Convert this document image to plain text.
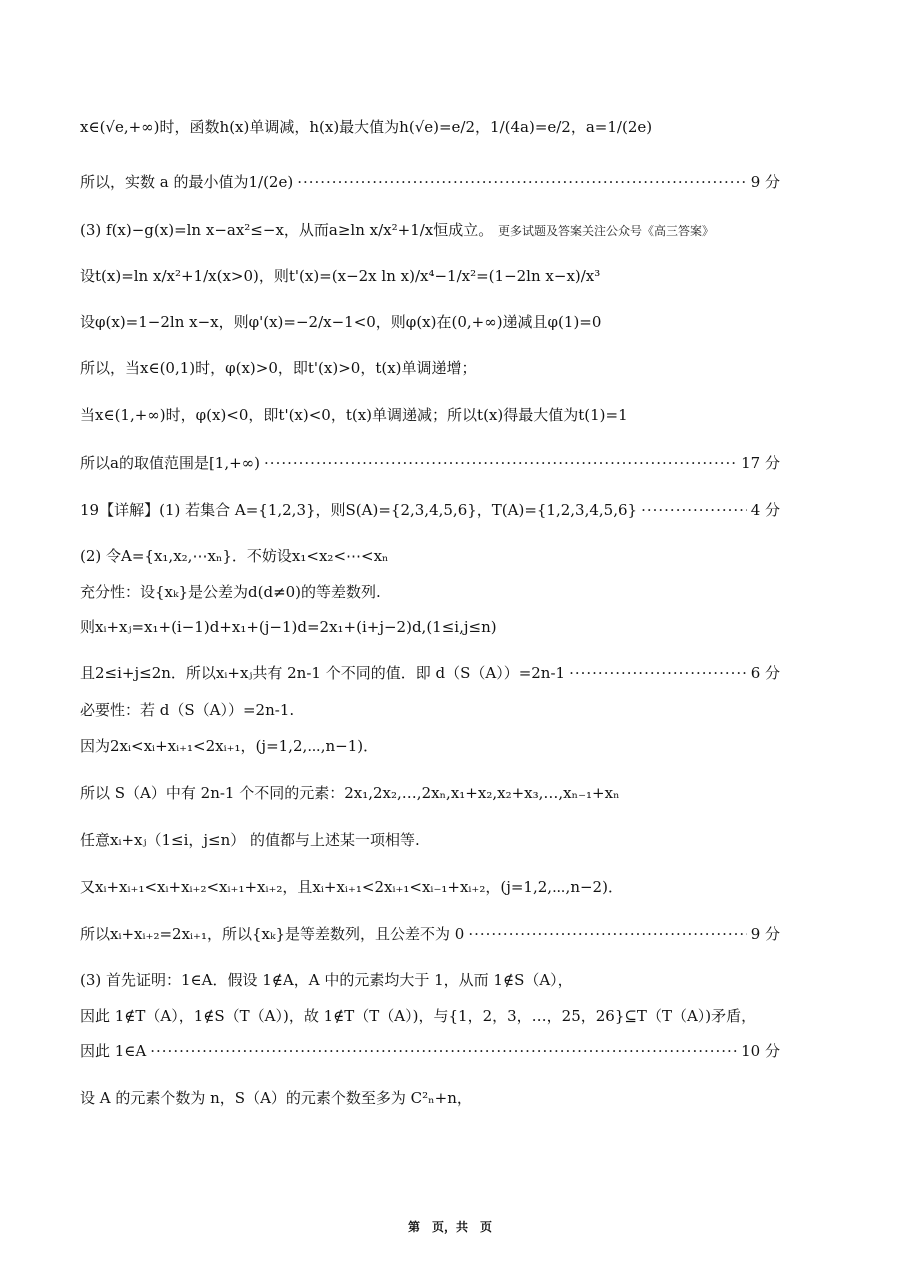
x∈(√e,+∞)时，函数h(x)单调减，h(x)最大值为h(√e)=e/2，1/(4a)=e/2，a=1/(2e)
所以，实数 a 的最小值为1/(2e) ·····	9 分
(3) f(x)−g(x)=ln x−ax²≤−x，从而a≥ln x/x²+1/x恒成立。 更多试题及答案关注公众号《高三答案》
设t(x)=ln x/x²+1/x(x>0)，则t'(x)=(x−2x ln x)/x⁴−1/x²=(1−2ln x−x)/x³
设φ(x)=1−2ln x−x，则φ'(x)=−2/x−1<0，则φ(x)在(0,+∞)递减且φ(1)=0
所以，当x∈(0,1)时，φ(x)>0，即t'(x)>0，t(x)单调递增；
当x∈(1,+∞)时，φ(x)<0，即t'(x)<0，t(x)单调递减；所以t(x)得最大值为t(1)=1
所以a的取值范围是[1,+∞) ·····	17 分
19【详解】(1) 若集合 A={1,2,3}，则S(A)={2,3,4,5,6}，T(A)={1,2,3,4,5,6} ·····	4 分
(2) 令A={x₁,x₂,⋯xₙ}．不妨设x₁<x₂<⋯<xₙ
充分性：设{xₖ}是公差为d(d≠0)的等差数列.
则xᵢ+xⱼ=x₁+(i−1)d+x₁+(j−1)d=2x₁+(i+j−2)d,(1≤i,j≤n)
且2≤i+j≤2n．所以xᵢ+xⱼ共有 2n-1 个不同的值．即 d（S（A））=2n-1 ·····	6 分
必要性：若 d（S（A））=2n-1.
因为2xᵢ<xᵢ+xᵢ₊₁<2xᵢ₊₁，(j=1,2,⋯,n−1)．
所以 S（A）中有 2n-1 个不同的元素：2x₁,2x₂,…,2xₙ,x₁+x₂,x₂+x₃,…,xₙ₋₁+xₙ
任意xᵢ+xⱼ（1≤i，j≤n） 的值都与上述某一项相等.
又xᵢ+xᵢ₊₁<xᵢ+xᵢ₊₂<xᵢ₊₁+xᵢ₊₂，且xᵢ+xᵢ₊₁<2xᵢ₊₁<xᵢ₋₁+xᵢ₊₂，(j=1,2,⋯,n−2)．
所以xᵢ+xᵢ₊₂=2xᵢ₊₁，所以{xₖ}是等差数列，且公差不为 0 ·····	9 分
(3) 首先证明：1∈A．假设 1∉A，A 中的元素均大于 1，从而 1∉S（A），
因此 1∉T（A），1∉S（T（A）)，故 1∉T（T（A）)，与{1，2，3，…，25，26}⊆T（T（A）)矛盾，
因此 1∈A ·····	10 分
设 A 的元素个数为 n，S（A）的元素个数至多为 C²ₙ+n，
第　页，共　页
